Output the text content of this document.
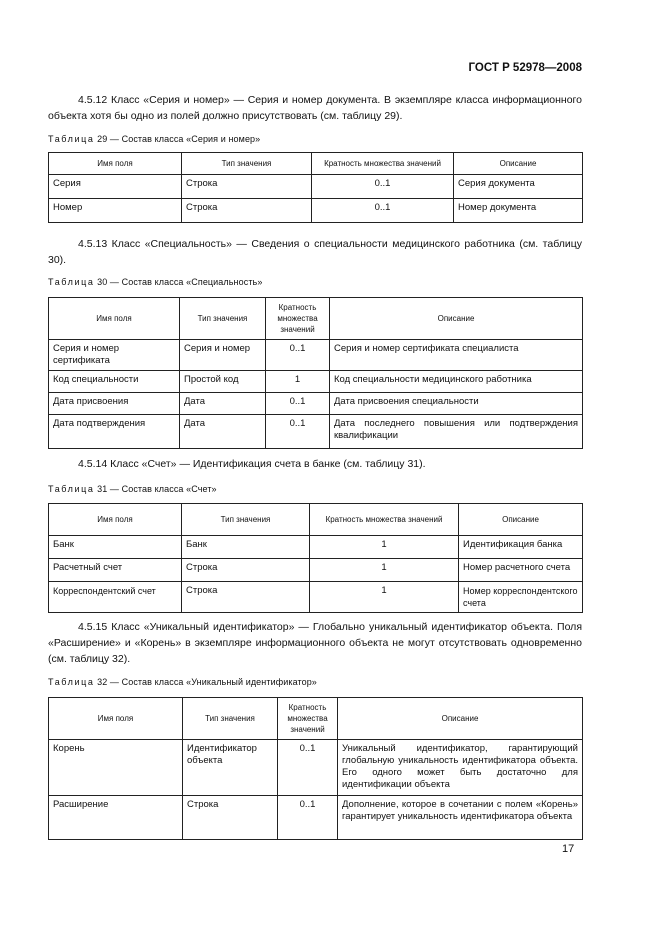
ГОСТ Р 52978—2008
4.5.12 Класс «Серия и номер» — Серия и номер документа. В экземпляре класса информационного объекта хотя бы одно из полей должно присутствовать (см. таблицу 29).
Таблица 29 — Состав класса «Серия и номер»
Имя поля	Тип значения	Кратность множества значений	Описание
Серия	Строка	0..1	Серия документа
Номер	Строка	0..1	Номер документа
4.5.13 Класс «Специальность» — Сведения о специальности медицинского работника (см. таблицу 30).
Таблица 30 — Состав класса «Специальность»
Имя поля	Тип значения	Кратность множества значений	Описание
Серия и номер сертификата	Серия и номер	0..1	Серия и номер сертификата специалиста
Код специальности	Простой код	1	Код специальности медицинского работника
Дата присвоения	Дата	0..1	Дата присвоения специальности
Дата подтверждения	Дата	0..1	Дата последнего повышения или подтверждения квалификации
4.5.14 Класс «Счет» — Идентификация счета в банке (см. таблицу 31).
Таблица 31 — Состав класса «Счет»
Имя поля	Тип значения	Кратность множества значений	Описание
Банк	Банк	1	Идентификация банка
Расчетный счет	Строка	1	Номер расчетного счета
Корреспондентский счет	Строка	1	Номер корреспондентского счета
4.5.15 Класс «Уникальный идентификатор» — Глобально уникальный идентификатор объекта. Поля «Расширение» и «Корень» в экземпляре информационного объекта не могут отсутствовать одновременно (см. таблицу 32).
Таблица 32 — Состав класса «Уникальный идентификатор»
Имя поля	Тип значения	Кратность множества значений	Описание
Корень	Идентификатор объекта	0..1	Уникальный идентификатор, гарантирующий глобальную уникальность идентификатора объекта. Его одного может быть достаточно для идентификации объекта
Расширение	Строка	0..1	Дополнение, которое в сочетании с полем «Корень» гарантирует уникальность идентификатора объекта
17
